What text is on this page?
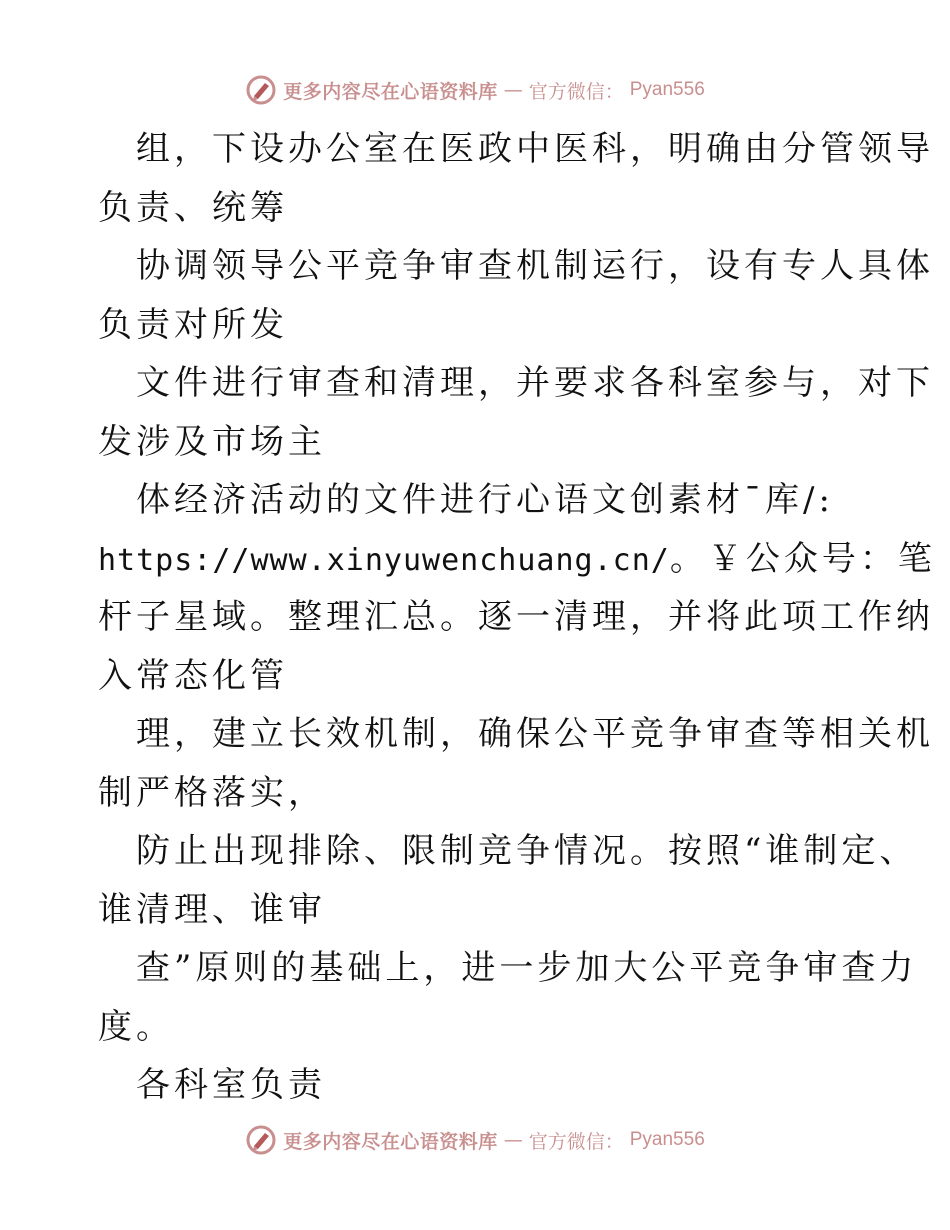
更多内容尽在心语资料库 — 官方微信： Pyan556
组，下设办公室在医政中医科，明确由分管领导
负责、统筹
协调领导公平竞争审查机制运行，设有专人具体
负责对所发
文件进行审查和清理，并要求各科室参与，对下
发涉及市场主
体经济活动的文件进行心语文创素材¯库/:
https://www.xinyuwenchuang.cn/。￥公众号：笔
杆子星域。整理汇总。逐一清理，并将此项工作纳
入常态化管
理，建立长效机制，确保公平竞争审查等相关机
制严格落实，
防止出现排除、限制竞争情况。按照“谁制定、
谁清理、谁审
查”原则的基础上，进一步加大公平竞争审查力
度。
各科室负责
更多内容尽在心语资料库 — 官方微信： Pyan556
